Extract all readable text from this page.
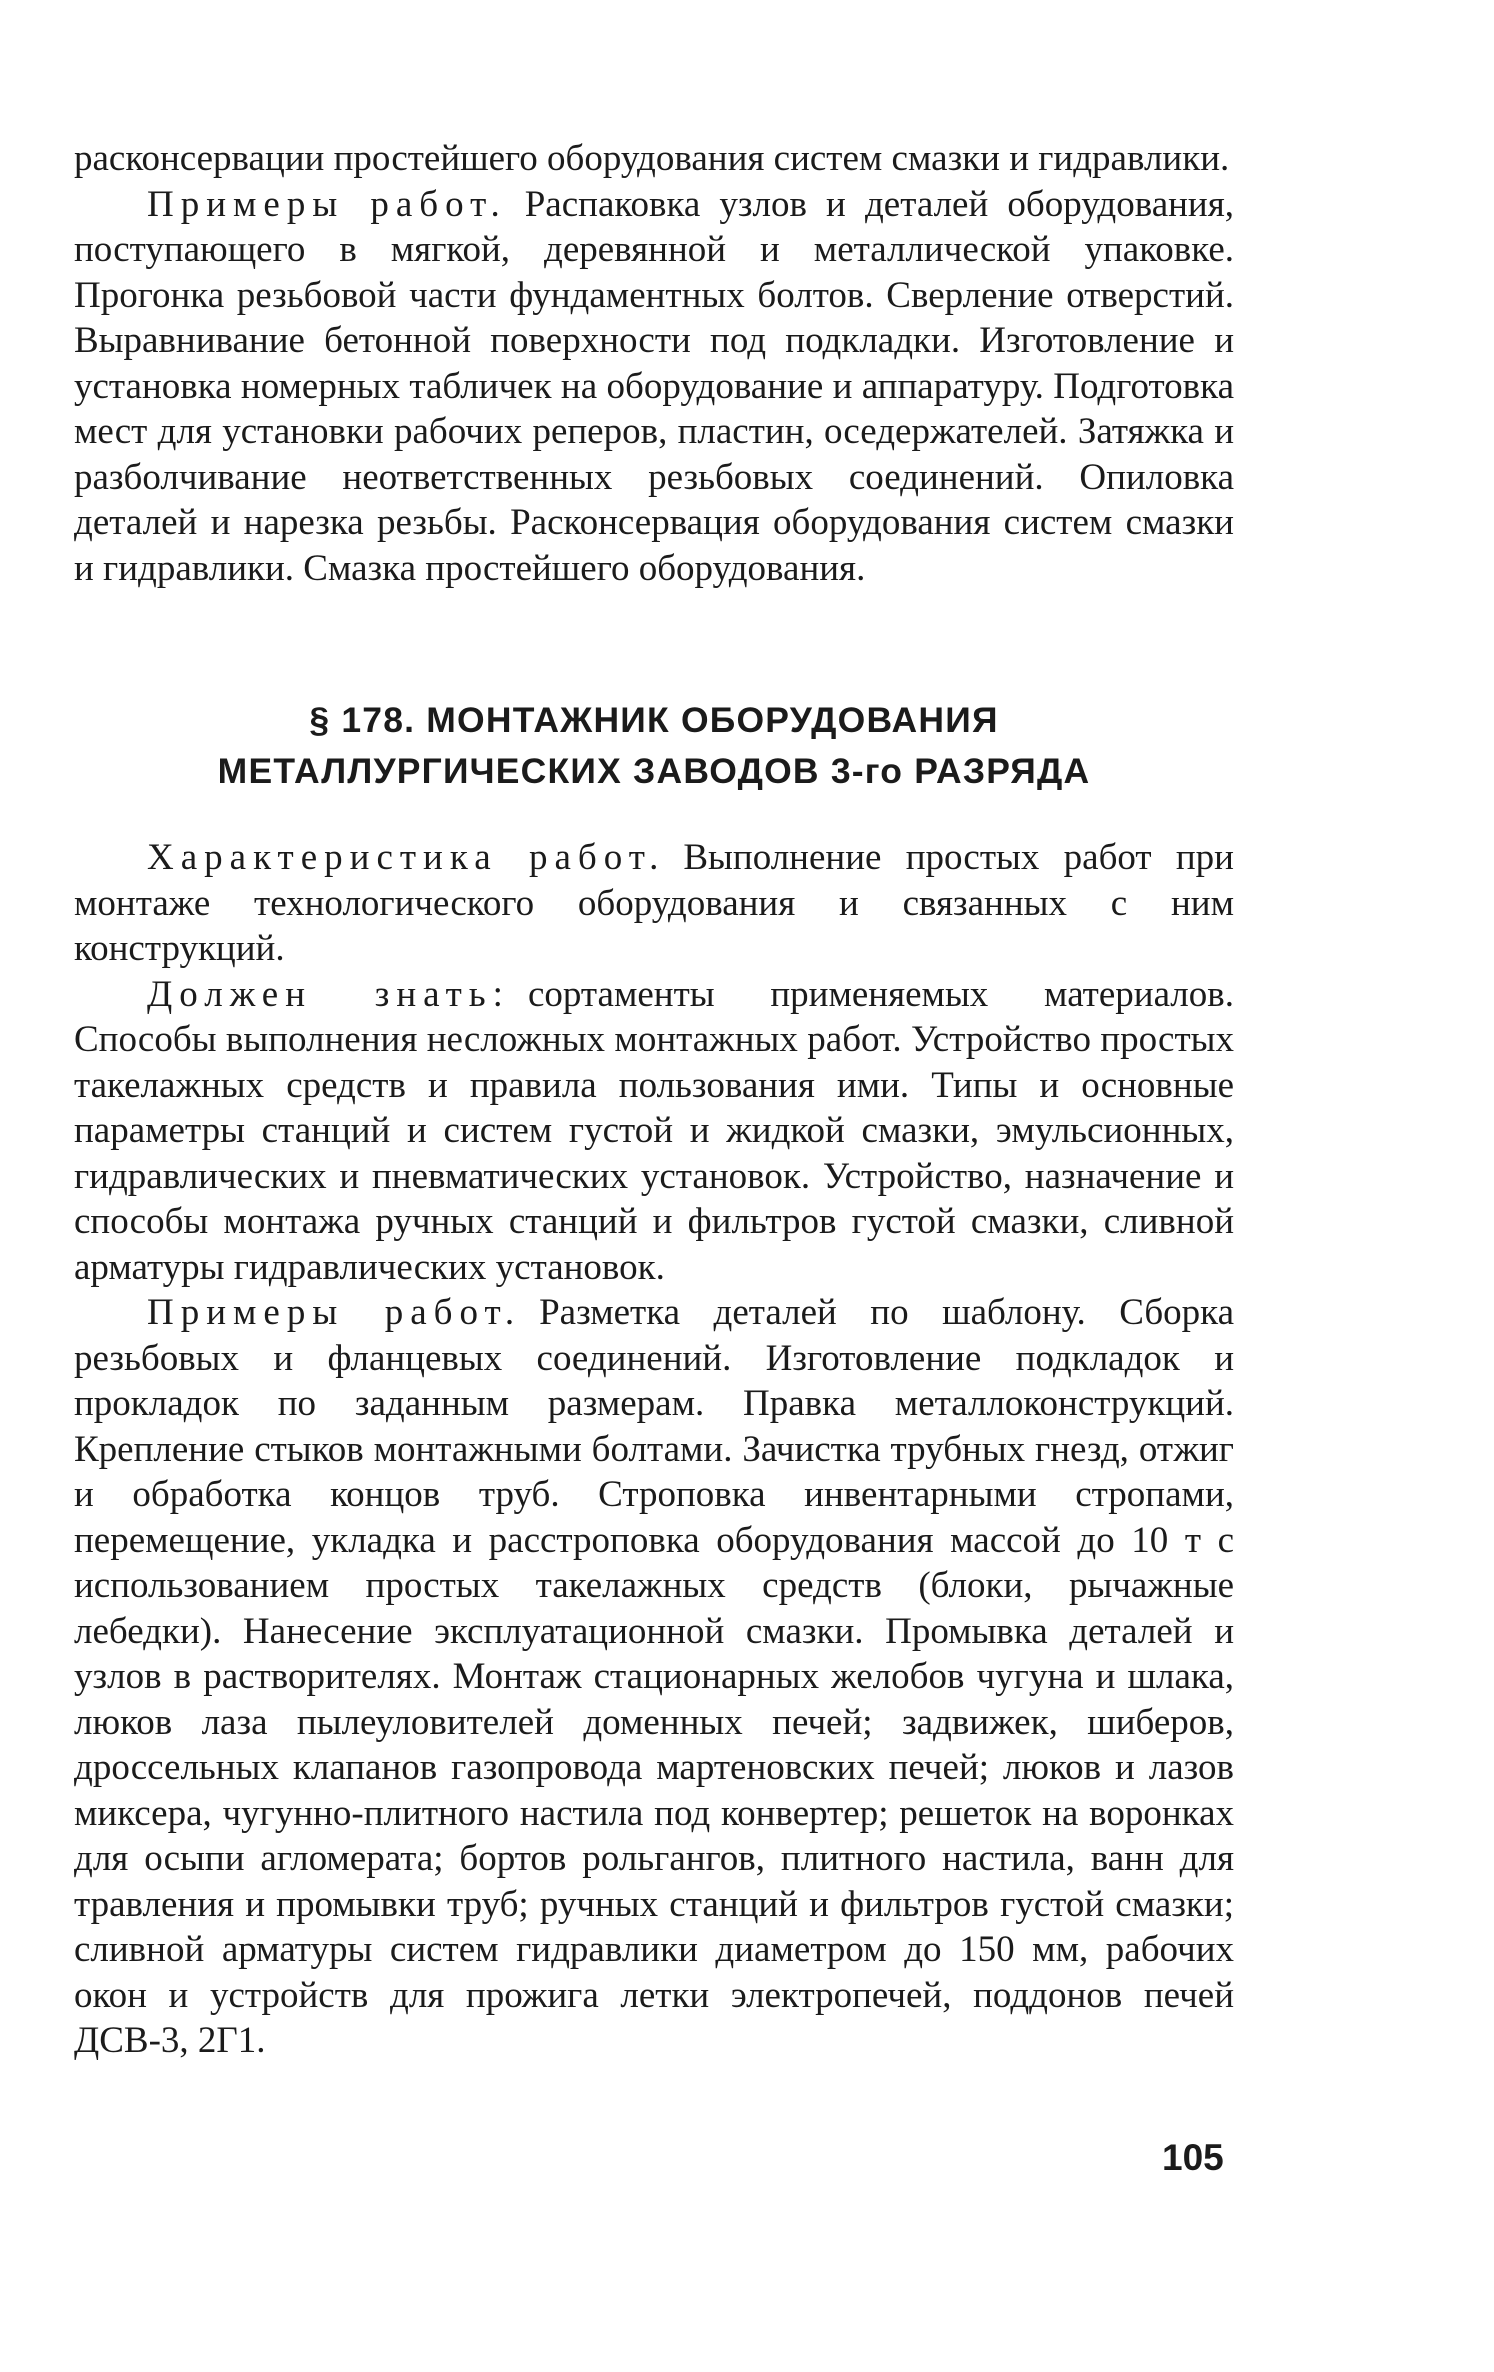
расконсервации простейшего оборудования систем смазки и гидравлики.

Примеры работ. Распаковка узлов и деталей оборудования, поступающего в мягкой, деревянной и металлической упаковке. Прогонка резьбовой части фундаментных болтов. Сверление отверстий. Выравнивание бетонной поверхности под подкладки. Изготовление и установка номерных табличек на оборудование и аппаратуру. Подготовка мест для установки рабочих реперов, пластин, оседержателей. Затяжка и разболчивание неответственных резьбовых соединений. Опиловка деталей и нарезка резьбы. Расконсервация оборудования систем смазки и гидравлики. Смазка простейшего оборудования.

§ 178. МОНТАЖНИК ОБОРУДОВАНИЯ
МЕТАЛЛУРГИЧЕСКИХ ЗАВОДОВ 3-го РАЗРЯДА

Характеристика работ. Выполнение простых работ при монтаже технологического оборудования и связанных с ним конструкций.

Должен знать: сортаменты применяемых материалов. Способы выполнения несложных монтажных работ. Устройство простых такелажных средств и правила пользования ими. Типы и основные параметры станций и систем густой и жидкой смазки, эмульсионных, гидравлических и пневматических установок. Устройство, назначение и способы монтажа ручных станций и фильтров густой смазки, сливной арматуры гидравлических установок.

Примеры работ. Разметка деталей по шаблону. Сборка резьбовых и фланцевых соединений. Изготовление подкладок и прокладок по заданным размерам. Правка металлоконструкций. Крепление стыков монтажными болтами. Зачистка трубных гнезд, отжиг и обработка концов труб. Строповка инвентарными стропами, перемещение, укладка и расстроповка оборудования массой до 10 т с использованием простых такелажных средств (блоки, рычажные лебедки). Нанесение эксплуатационной смазки. Промывка деталей и узлов в растворителях. Монтаж стационарных желобов чугуна и шлака, люков лаза пылеуловителей доменных печей; задвижек, шиберов, дроссельных клапанов газопровода мартеновских печей; люков и лазов миксера, чугунно-плитного настила под конвертер; решеток на воронках для осыпи агломерата; бортов рольгангов, плитного настила, ванн для травления и промывки труб; ручных станций и фильтров густой смазки; сливной арматуры систем гидравлики диаметром до 150 мм, рабочих окон и устройств для прожига летки электропечей, поддонов печей ДСВ-3, 2Г1.

105
